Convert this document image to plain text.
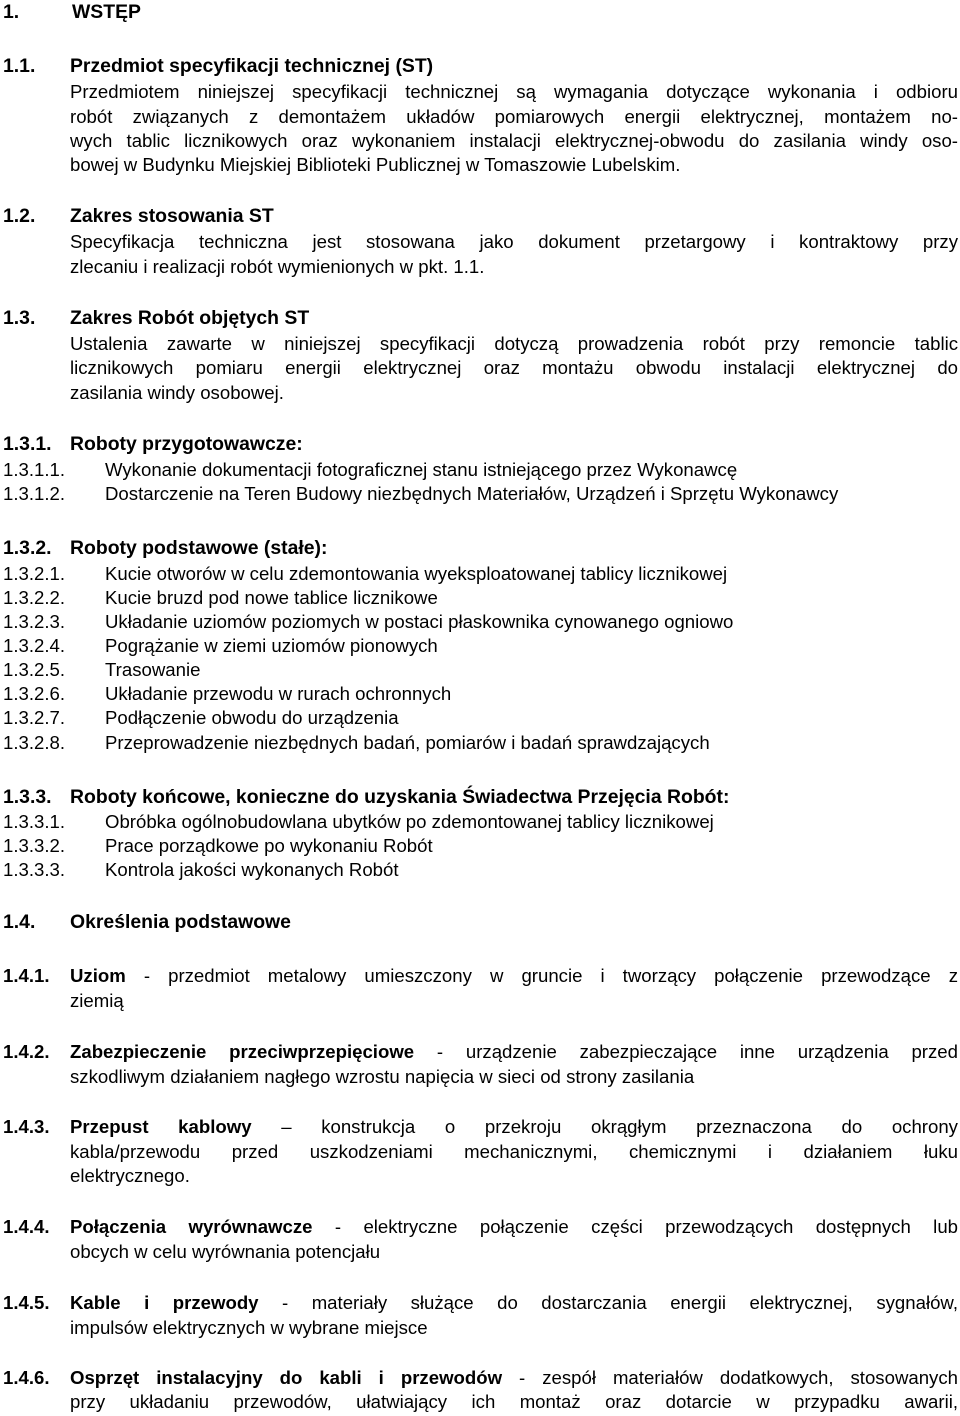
1.	WSTĘP
1.1. Przedmiot specyfikacji technicznej (ST)
Przedmiotem niniejszej specyfikacji technicznej są wymagania dotyczące wykonania i odbioru
robót związanych z demontażem układów pomiarowych energii elektrycznej, montażem no-
wych tablic licznikowych oraz wykonaniem instalacji elektrycznej-obwodu do zasilania windy oso-
bowej w Budynku Miejskiej Biblioteki Publicznej w Tomaszowie Lubelskim.
1.2. Zakres stosowania ST
Specyfikacja techniczna jest stosowana jako dokument przetargowy i kontraktowy przy
zlecaniu i realizacji robót wymienionych w pkt. 1.1.
1.3. Zakres Robót objętych ST
Ustalenia zawarte w niniejszej specyfikacji dotyczą prowadzenia robót przy remoncie tablic
licznikowych pomiaru energii elektrycznej oraz montażu obwodu instalacji elektrycznej do
zasilania windy osobowej.
1.3.1. Roboty przygotowawcze:
1.3.1.1. Wykonanie dokumentacji fotograficznej stanu istniejącego przez Wykonawcę
1.3.1.2. Dostarczenie na Teren Budowy niezbędnych Materiałów, Urządzeń i Sprzętu Wykonawcy
1.3.2. Roboty podstawowe (stałe):
1.3.2.1. Kucie otworów w celu zdemontowania wyeksploatowanej tablicy licznikowej
1.3.2.2. Kucie bruzd pod nowe tablice licznikowe
1.3.2.3. Układanie uziomów poziomych w postaci płaskownika cynowanego ogniowo
1.3.2.4. Pogrążanie w ziemi uziomów pionowych
1.3.2.5. Trasowanie
1.3.2.6. Układanie przewodu w rurach ochronnych
1.3.2.7. Podłączenie obwodu do urządzenia
1.3.2.8. Przeprowadzenie niezbędnych badań, pomiarów i badań sprawdzających
1.3.3. Roboty końcowe, konieczne do uzyskania Świadectwa Przejęcia Robót:
1.3.3.1. Obróbka ogólnobudowlana ubytków po zdemontowanej tablicy licznikowej
1.3.3.2. Prace porządkowe po wykonaniu Robót
1.3.3.3. Kontrola jakości wykonanych Robót
1.4. Określenia podstawowe
1.4.1. Uziom - przedmiot metalowy umieszczony w gruncie i tworzący połączenie przewodzące z
ziemią
1.4.2. Zabezpieczenie przeciwprzepięciowe - urządzenie zabezpieczające inne urządzenia przed
szkodliwym działaniem nagłego wzrostu napięcia w sieci od strony zasilania
1.4.3. Przepust kablowy – konstrukcja o przekroju okrągłym przeznaczona do ochrony
kabla/przewodu przed uszkodzeniami mechanicznymi, chemicznymi i działaniem łuku
elektrycznego.
1.4.4. Połączenia wyrównawcze - elektryczne połączenie części przewodzących dostępnych lub
obcych w celu wyrównania potencjału
1.4.5. Kable i przewody - materiały służące do dostarczania energii elektrycznej, sygnałów,
impulsów elektrycznych w wybrane miejsce
1.4.6. Osprzęt instalacyjny do kabli i przewodów - zespół materiałów dodatkowych, stosowanych
przy układaniu przewodów, ułatwiający ich montaż oraz dotarcie w przypadku awarii,
